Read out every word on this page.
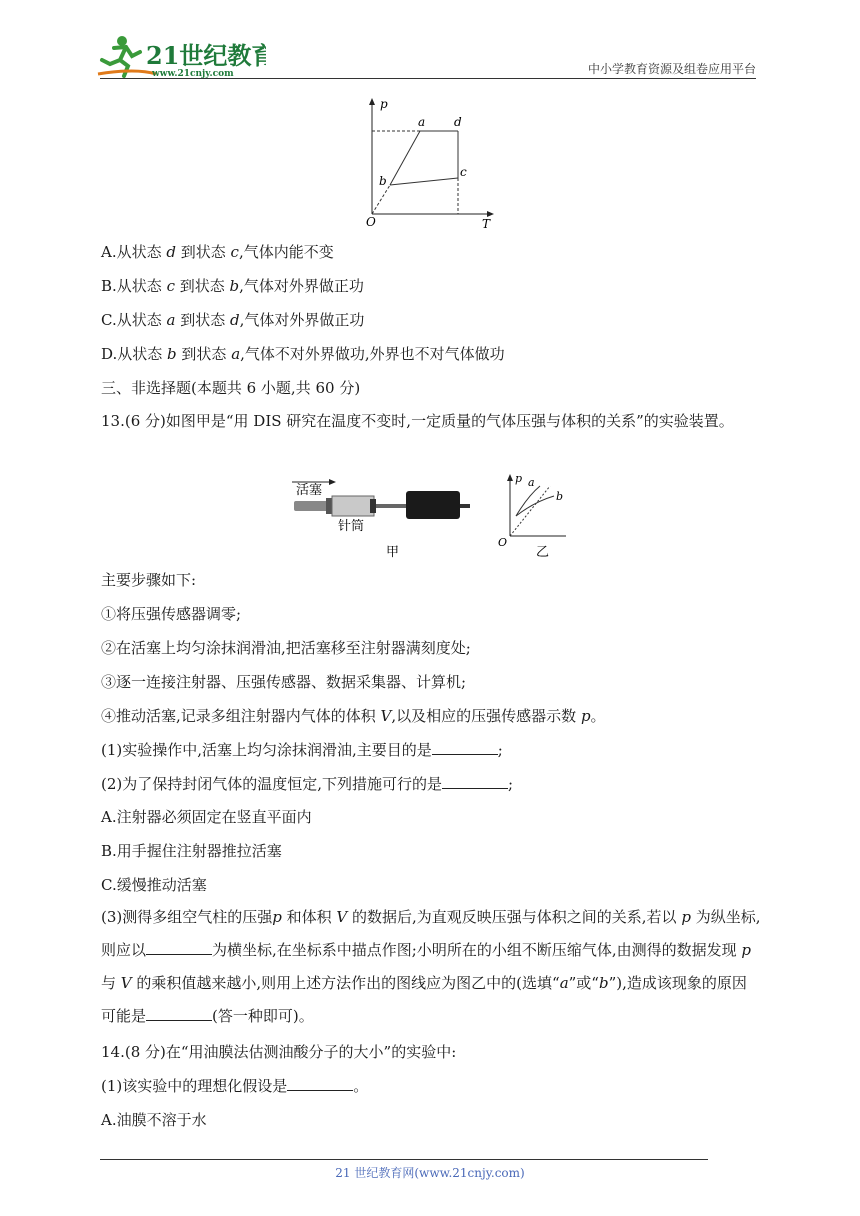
21世纪教育
www.21cnjy.com	中小学教育资源及组卷应用平台
p
T
O
a d
c
b
A.从状态 d 到状态 c,气体内能不变
B.从状态 c 到状态 b,气体对外界做正功
C.从状态 a 到状态 d,气体对外界做正功
D.从状态 b 到状态 a,气体不对外界做功,外界也不对气体做功
三、非选择题(本题共 6 小题,共 60 分)
13.(6 分)如图甲是“用 DIS 研究在温度不变时,一定质量的气体压强与体积的关系”的实验装置。
活塞
针筒
甲
p
O
a
b
乙
主要步骤如下:
①将压强传感器调零;
②在活塞上均匀涂抹润滑油,把活塞移至注射器满刻度处;
③逐一连接注射器、压强传感器、数据采集器、计算机;
④推动活塞,记录多组注射器内气体的体积 V,以及相应的压强传感器示数 p。
(1)实验操作中,活塞上均匀涂抹润滑油,主要目的是	;
(2)为了保持封闭气体的温度恒定,下列措施可行的是	;
A.注射器必须固定在竖直平面内
B.用手握住注射器推拉活塞
C.缓慢推动活塞
(3)测得多组空气柱的压强p 和体积 V 的数据后,为直观反映压强与体积之间的关系,若以 p 为纵坐标,则应以	为横坐标,在坐标系中描点作图;小明所在的小组不断压缩气体,由测得的数据发现 p 与 V 的乘积值越来越小,则用上述方法作出的图线应为图乙中的(选填“a”或“b”),造成该现象的原因可能是	(答一种即可)。
14.(8 分)在“用油膜法估测油酸分子的大小”的实验中:
(1)该实验中的理想化假设是	。
A.油膜不溶于水
21 世纪教育网(www.21cnjy.com)
